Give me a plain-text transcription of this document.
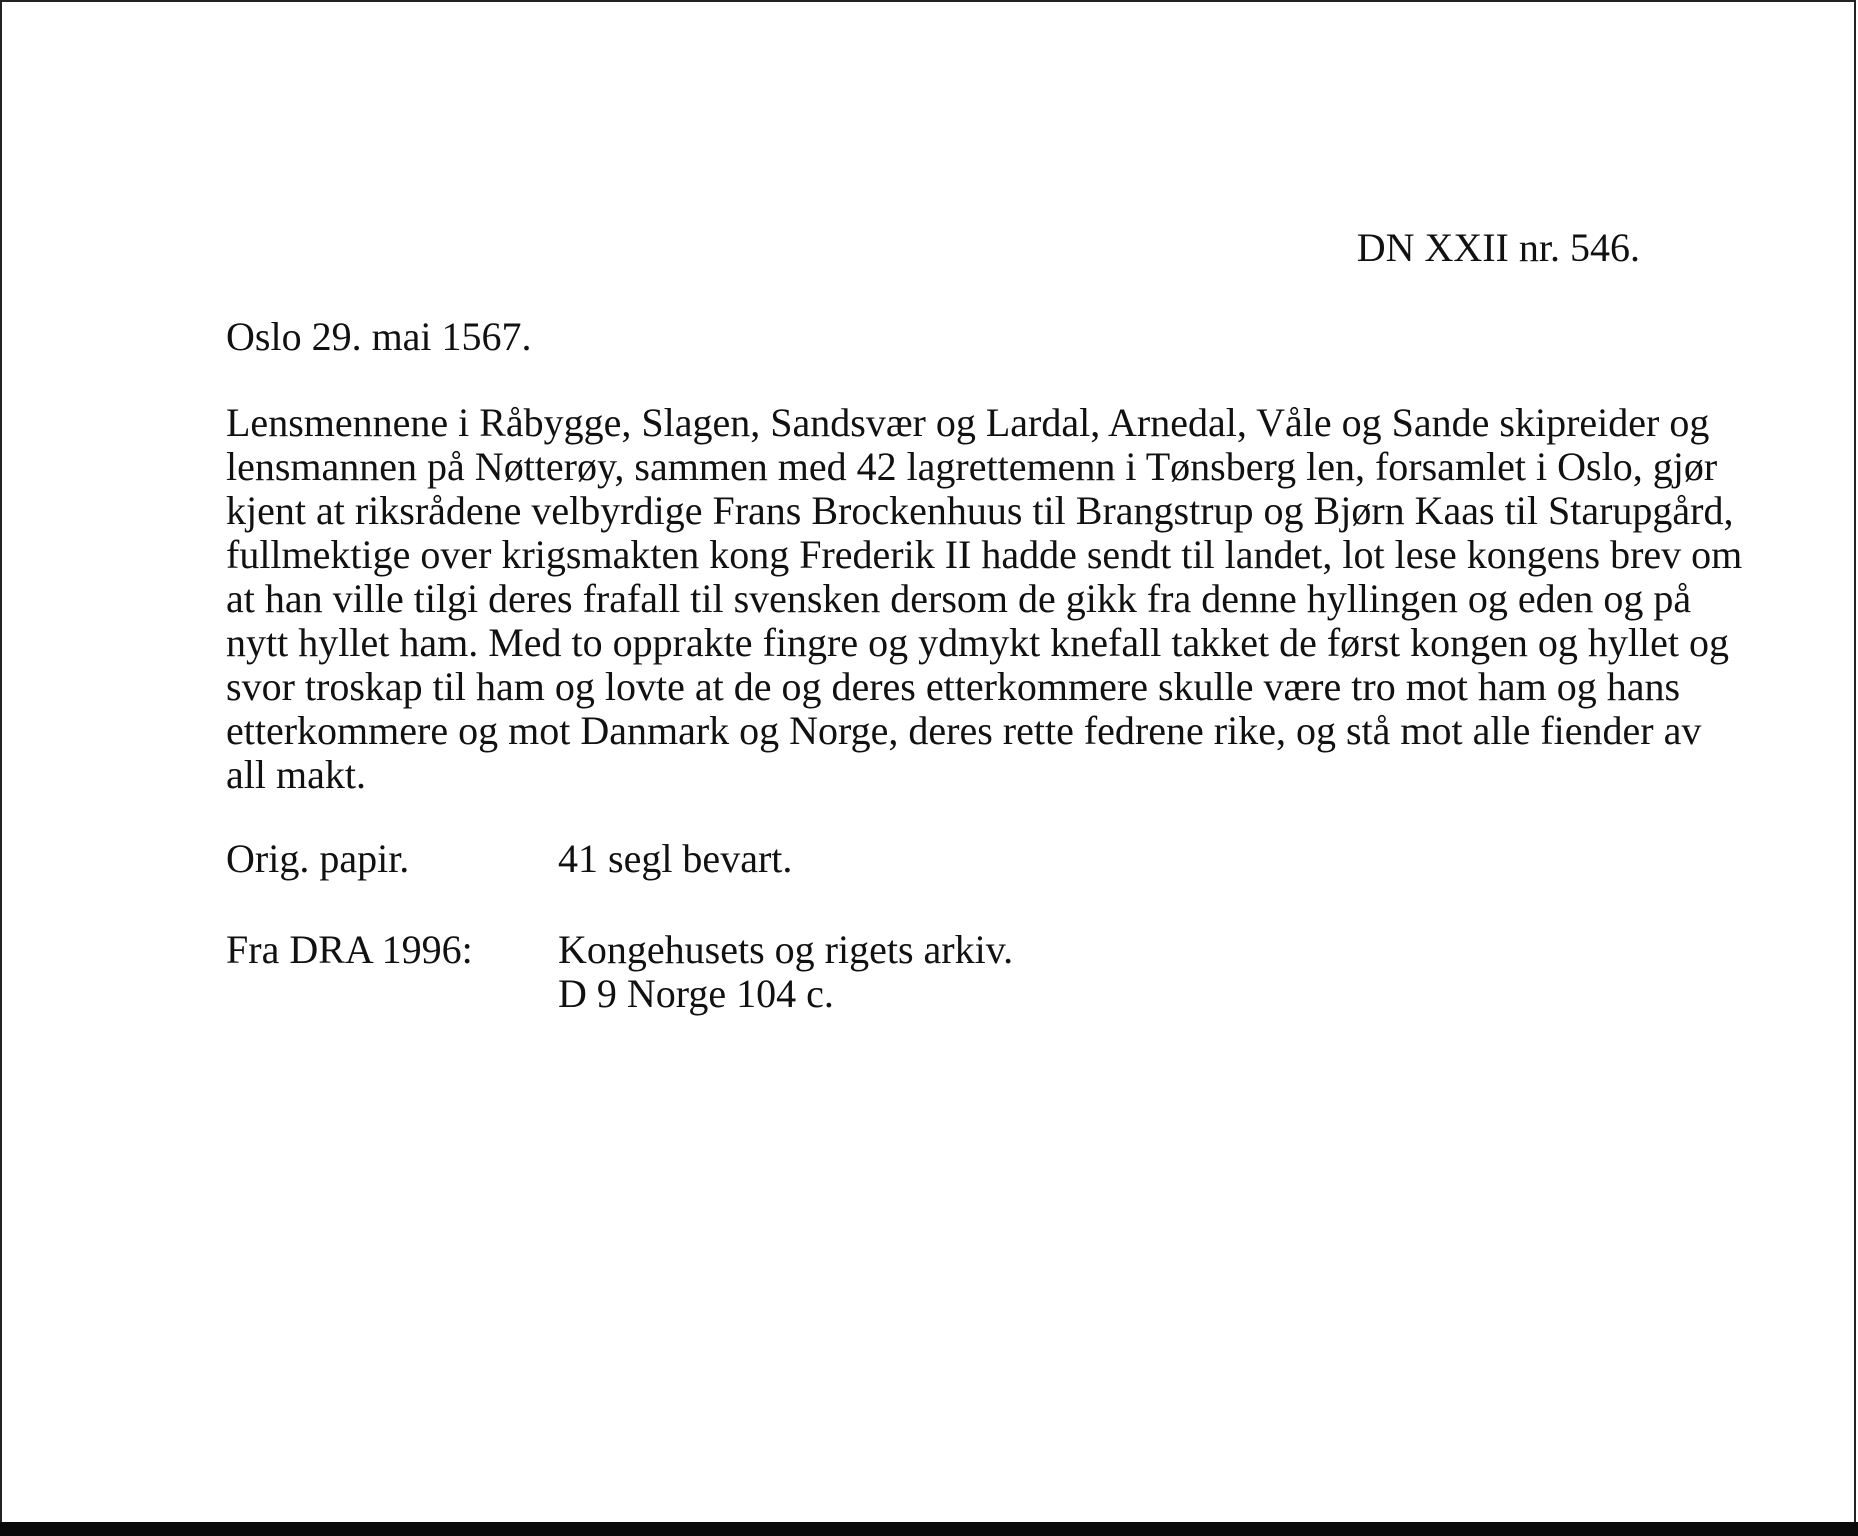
DN XXII nr. 546.
Oslo 29. mai 1567.
Lensmennene i Råbygge, Slagen, Sandsvær og Lardal, Arnedal, Våle og Sande skipreider og
lensmannen på Nøtterøy, sammen med 42 lagrettemenn i Tønsberg len, forsamlet i Oslo, gjør
kjent at riksrådene velbyrdige Frans Brockenhuus til Brangstrup og Bjørn Kaas til Starupgård,
fullmektige over krigsmakten kong Frederik II hadde sendt til landet, lot lese kongens brev om
at han ville tilgi deres frafall til svensken dersom de gikk fra denne hyllingen og eden og på
nytt hyllet ham. Med to opprakte fingre og ydmykt knefall takket de først kongen og hyllet og
svor troskap til ham og lovte at de og deres etterkommere skulle være tro mot ham og hans
etterkommere og mot Danmark og Norge, deres rette fedrene rike, og stå mot alle fiender av
all makt.
Orig. papir.	41 segl bevart.
Fra DRA 1996: Kongehusets og rigets arkiv.
D 9 Norge 104 c.
